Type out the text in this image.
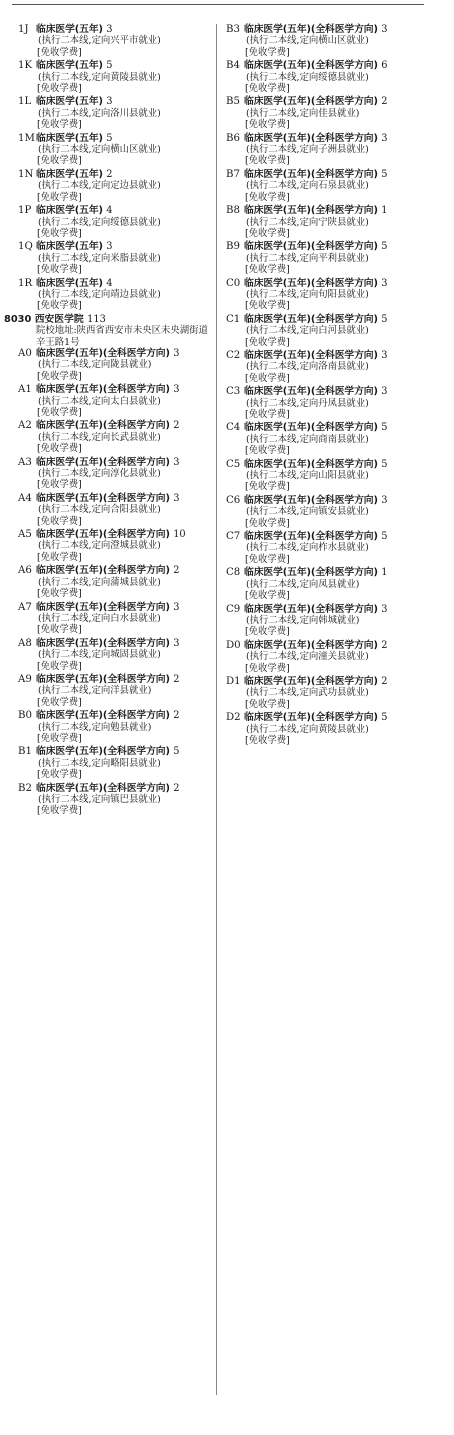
1J 临床医学(五年) 3
(执行二本线,定向兴平市就业)
[免收学费]
1K 临床医学(五年) 5
(执行二本线,定向黄陵县就业)
[免收学费]
1L 临床医学(五年) 3
(执行二本线,定向洛川县就业)
[免收学费]
1M 临床医学(五年) 5
(执行二本线,定向横山区就业)
[免收学费]
1N 临床医学(五年) 2
(执行二本线,定向定边县就业)
[免收学费]
1P 临床医学(五年) 4
(执行二本线,定向绥德县就业)
[免收学费]
1Q 临床医学(五年) 3
(执行二本线,定向米脂县就业)
[免收学费]
1R 临床医学(五年) 4
(执行二本线,定向靖边县就业)
[免收学费]
8030 西安医学院 113
院校地址:陕西省西安市未央区未央湖街道辛王路1号
A0 临床医学(五年)(全科医学方向) 3
(执行二本线,定向陇县就业)
[免收学费]
A1 临床医学(五年)(全科医学方向) 3
(执行二本线,定向太白县就业)
[免收学费]
A2 临床医学(五年)(全科医学方向) 2
(执行二本线,定向长武县就业)
[免收学费]
A3 临床医学(五年)(全科医学方向) 3
(执行二本线,定向淳化县就业)
[免收学费]
A4 临床医学(五年)(全科医学方向) 3
(执行二本线,定向合阳县就业)
[免收学费]
A5 临床医学(五年)(全科医学方向) 10
(执行二本线,定向澄城县就业)
[免收学费]
A6 临床医学(五年)(全科医学方向) 2
(执行二本线,定向蒲城县就业)
[免收学费]
A7 临床医学(五年)(全科医学方向) 3
(执行二本线,定向白水县就业)
[免收学费]
A8 临床医学(五年)(全科医学方向) 3
(执行二本线,定向城固县就业)
[免收学费]
A9 临床医学(五年)(全科医学方向) 2
(执行二本线,定向洋县就业)
[免收学费]
B0 临床医学(五年)(全科医学方向) 2
(执行二本线,定向勉县就业)
[免收学费]
B1 临床医学(五年)(全科医学方向) 5
(执行二本线,定向略阳县就业)
[免收学费]
B2 临床医学(五年)(全科医学方向) 2
(执行二本线,定向镇巴县就业)
[免收学费]
B3 临床医学(五年)(全科医学方向) 3
(执行二本线,定向横山区就业)
[免收学费]
B4 临床医学(五年)(全科医学方向) 6
(执行二本线,定向绥德县就业)
[免收学费]
B5 临床医学(五年)(全科医学方向) 2
(执行二本线,定向佳县就业)
[免收学费]
B6 临床医学(五年)(全科医学方向) 3
(执行二本线,定向子洲县就业)
[免收学费]
B7 临床医学(五年)(全科医学方向) 5
(执行二本线,定向石泉县就业)
[免收学费]
B8 临床医学(五年)(全科医学方向) 1
(执行二本线,定向宁陕县就业)
[免收学费]
B9 临床医学(五年)(全科医学方向) 5
(执行二本线,定向平利县就业)
[免收学费]
C0 临床医学(五年)(全科医学方向) 3
(执行二本线,定向旬阳县就业)
[免收学费]
C1 临床医学(五年)(全科医学方向) 5
(执行二本线,定向白河县就业)
[免收学费]
C2 临床医学(五年)(全科医学方向) 3
(执行二本线,定向洛南县就业)
[免收学费]
C3 临床医学(五年)(全科医学方向) 3
(执行二本线,定向丹凤县就业)
[免收学费]
C4 临床医学(五年)(全科医学方向) 5
(执行二本线,定向商南县就业)
[免收学费]
C5 临床医学(五年)(全科医学方向) 5
(执行二本线,定向山阳县就业)
[免收学费]
C6 临床医学(五年)(全科医学方向) 3
(执行二本线,定向镇安县就业)
[免收学费]
C7 临床医学(五年)(全科医学方向) 5
(执行二本线,定向柞水县就业)
[免收学费]
C8 临床医学(五年)(全科医学方向) 1
(执行二本线,定向凤县就业)
[免收学费]
C9 临床医学(五年)(全科医学方向) 3
(执行二本线,定向韩城就业)
[免收学费]
D0 临床医学(五年)(全科医学方向) 2
(执行二本线,定向潼关县就业)
[免收学费]
D1 临床医学(五年)(全科医学方向) 2
(执行二本线,定向武功县就业)
[免收学费]
D2 临床医学(五年)(全科医学方向) 5
(执行二本线,定向黄陵县就业)
[免收学费]
